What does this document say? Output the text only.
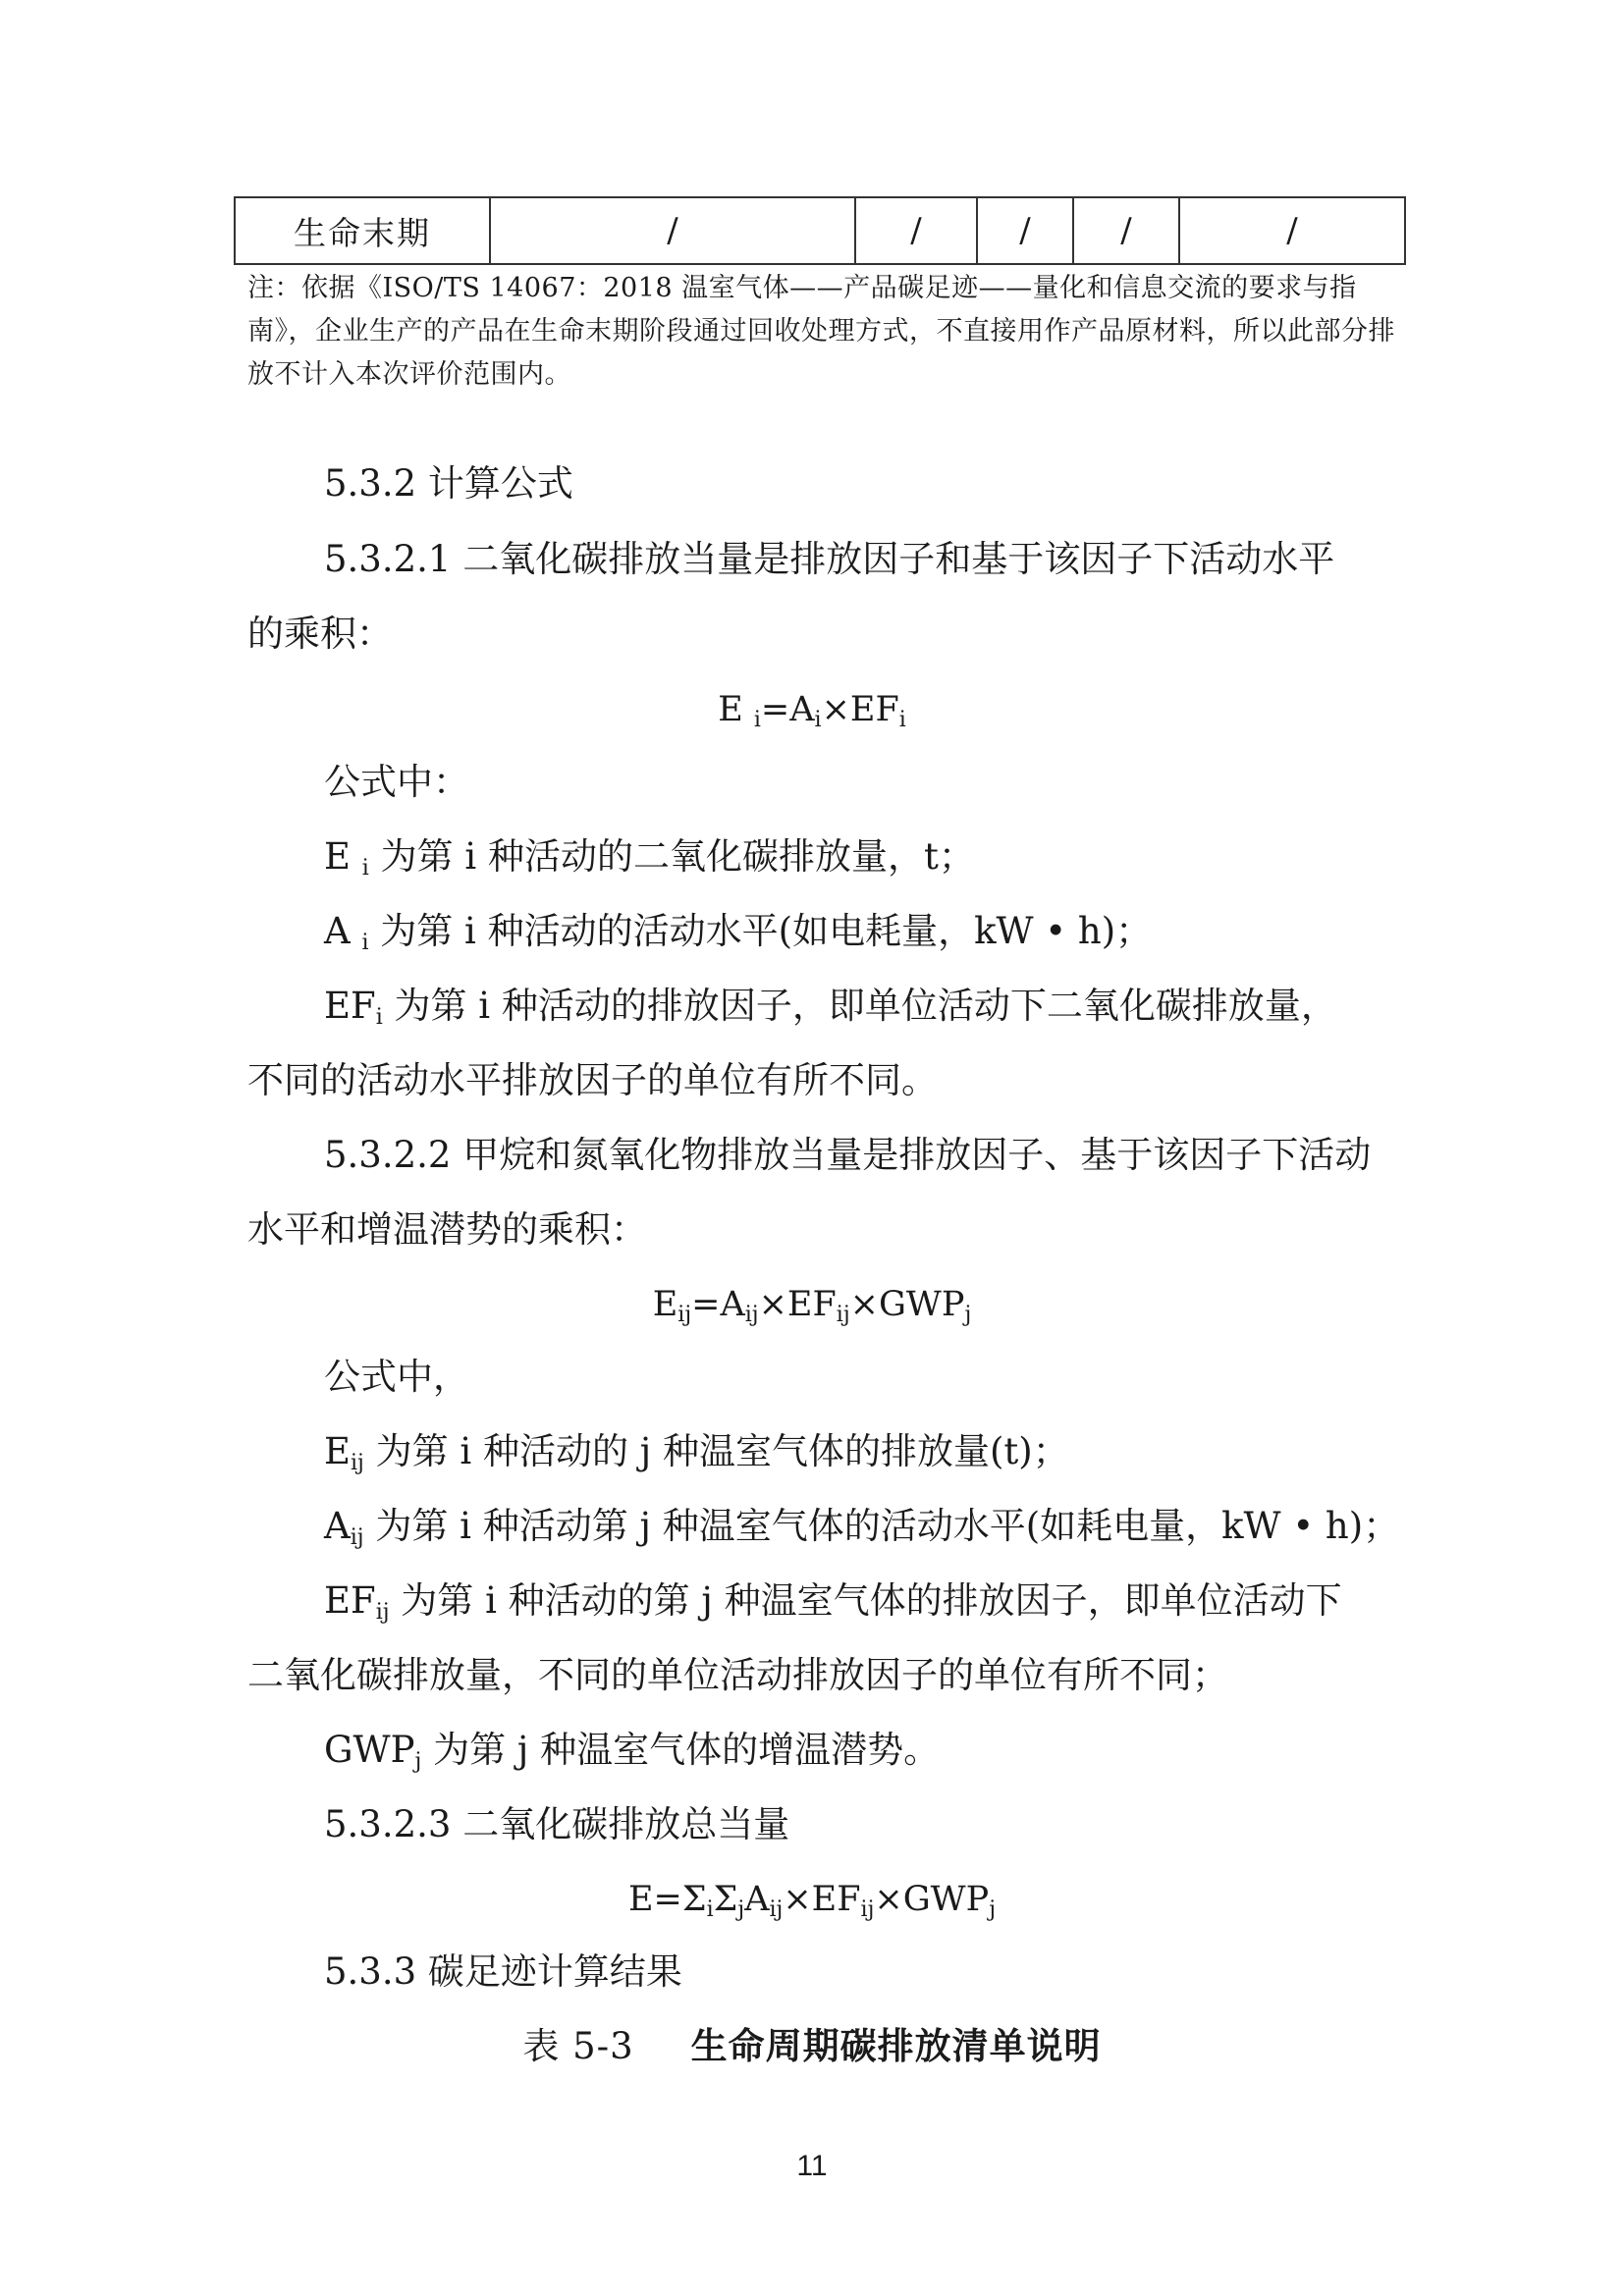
生命末期	/	/	/	/	/
注：依据《ISO/TS 14067：2018 温室气体——产品碳足迹——量化和信息交流的要求与指南》，企业生产的产品在生命末期阶段通过回收处理方式，不直接用作产品原材料，所以此部分排放不计入本次评价范围内。
5.3.2 计算公式
5.3.2.1 二氧化碳排放当量是排放因子和基于该因子下活动水平
的乘积：
E $_i=A_i\times EF_i$
公式中：
E $_i$ 为第 i 种活动的二氧化碳排放量，t；
A $_i$ 为第 i 种活动的活动水平(如电耗量，kW • h)；
$EF_i$ 为第 i 种活动的排放因子，即单位活动下二氧化碳排放量，
不同的活动水平排放因子的单位有所不同。
5.3.2.2 甲烷和氮氧化物排放当量是排放因子、基于该因子下活动
水平和增温潜势的乘积：
$E_{ij}=A_{ij}\times EF_{ij}\times GWP_j$
公式中，
$E_{ij}$ 为第 i 种活动的 j 种温室气体的排放量(t)；
$A_{ij}$ 为第 i 种活动第 j 种温室气体的活动水平(如耗电量，kW • h)；
$EF_{ij}$ 为第 i 种活动的第 j 种温室气体的排放因子，即单位活动下
二氧化碳排放量，不同的单位活动排放因子的单位有所不同；
$GWP_j$ 为第 j 种温室气体的增温潜势。
5.3.2.3 二氧化碳排放总当量
$E=\Sigma_i\Sigma_jA_{ij}\times EF_{ij}\times GWP_j$
5.3.3 碳足迹计算结果
表 5-3 生命周期碳排放清单说明
11
